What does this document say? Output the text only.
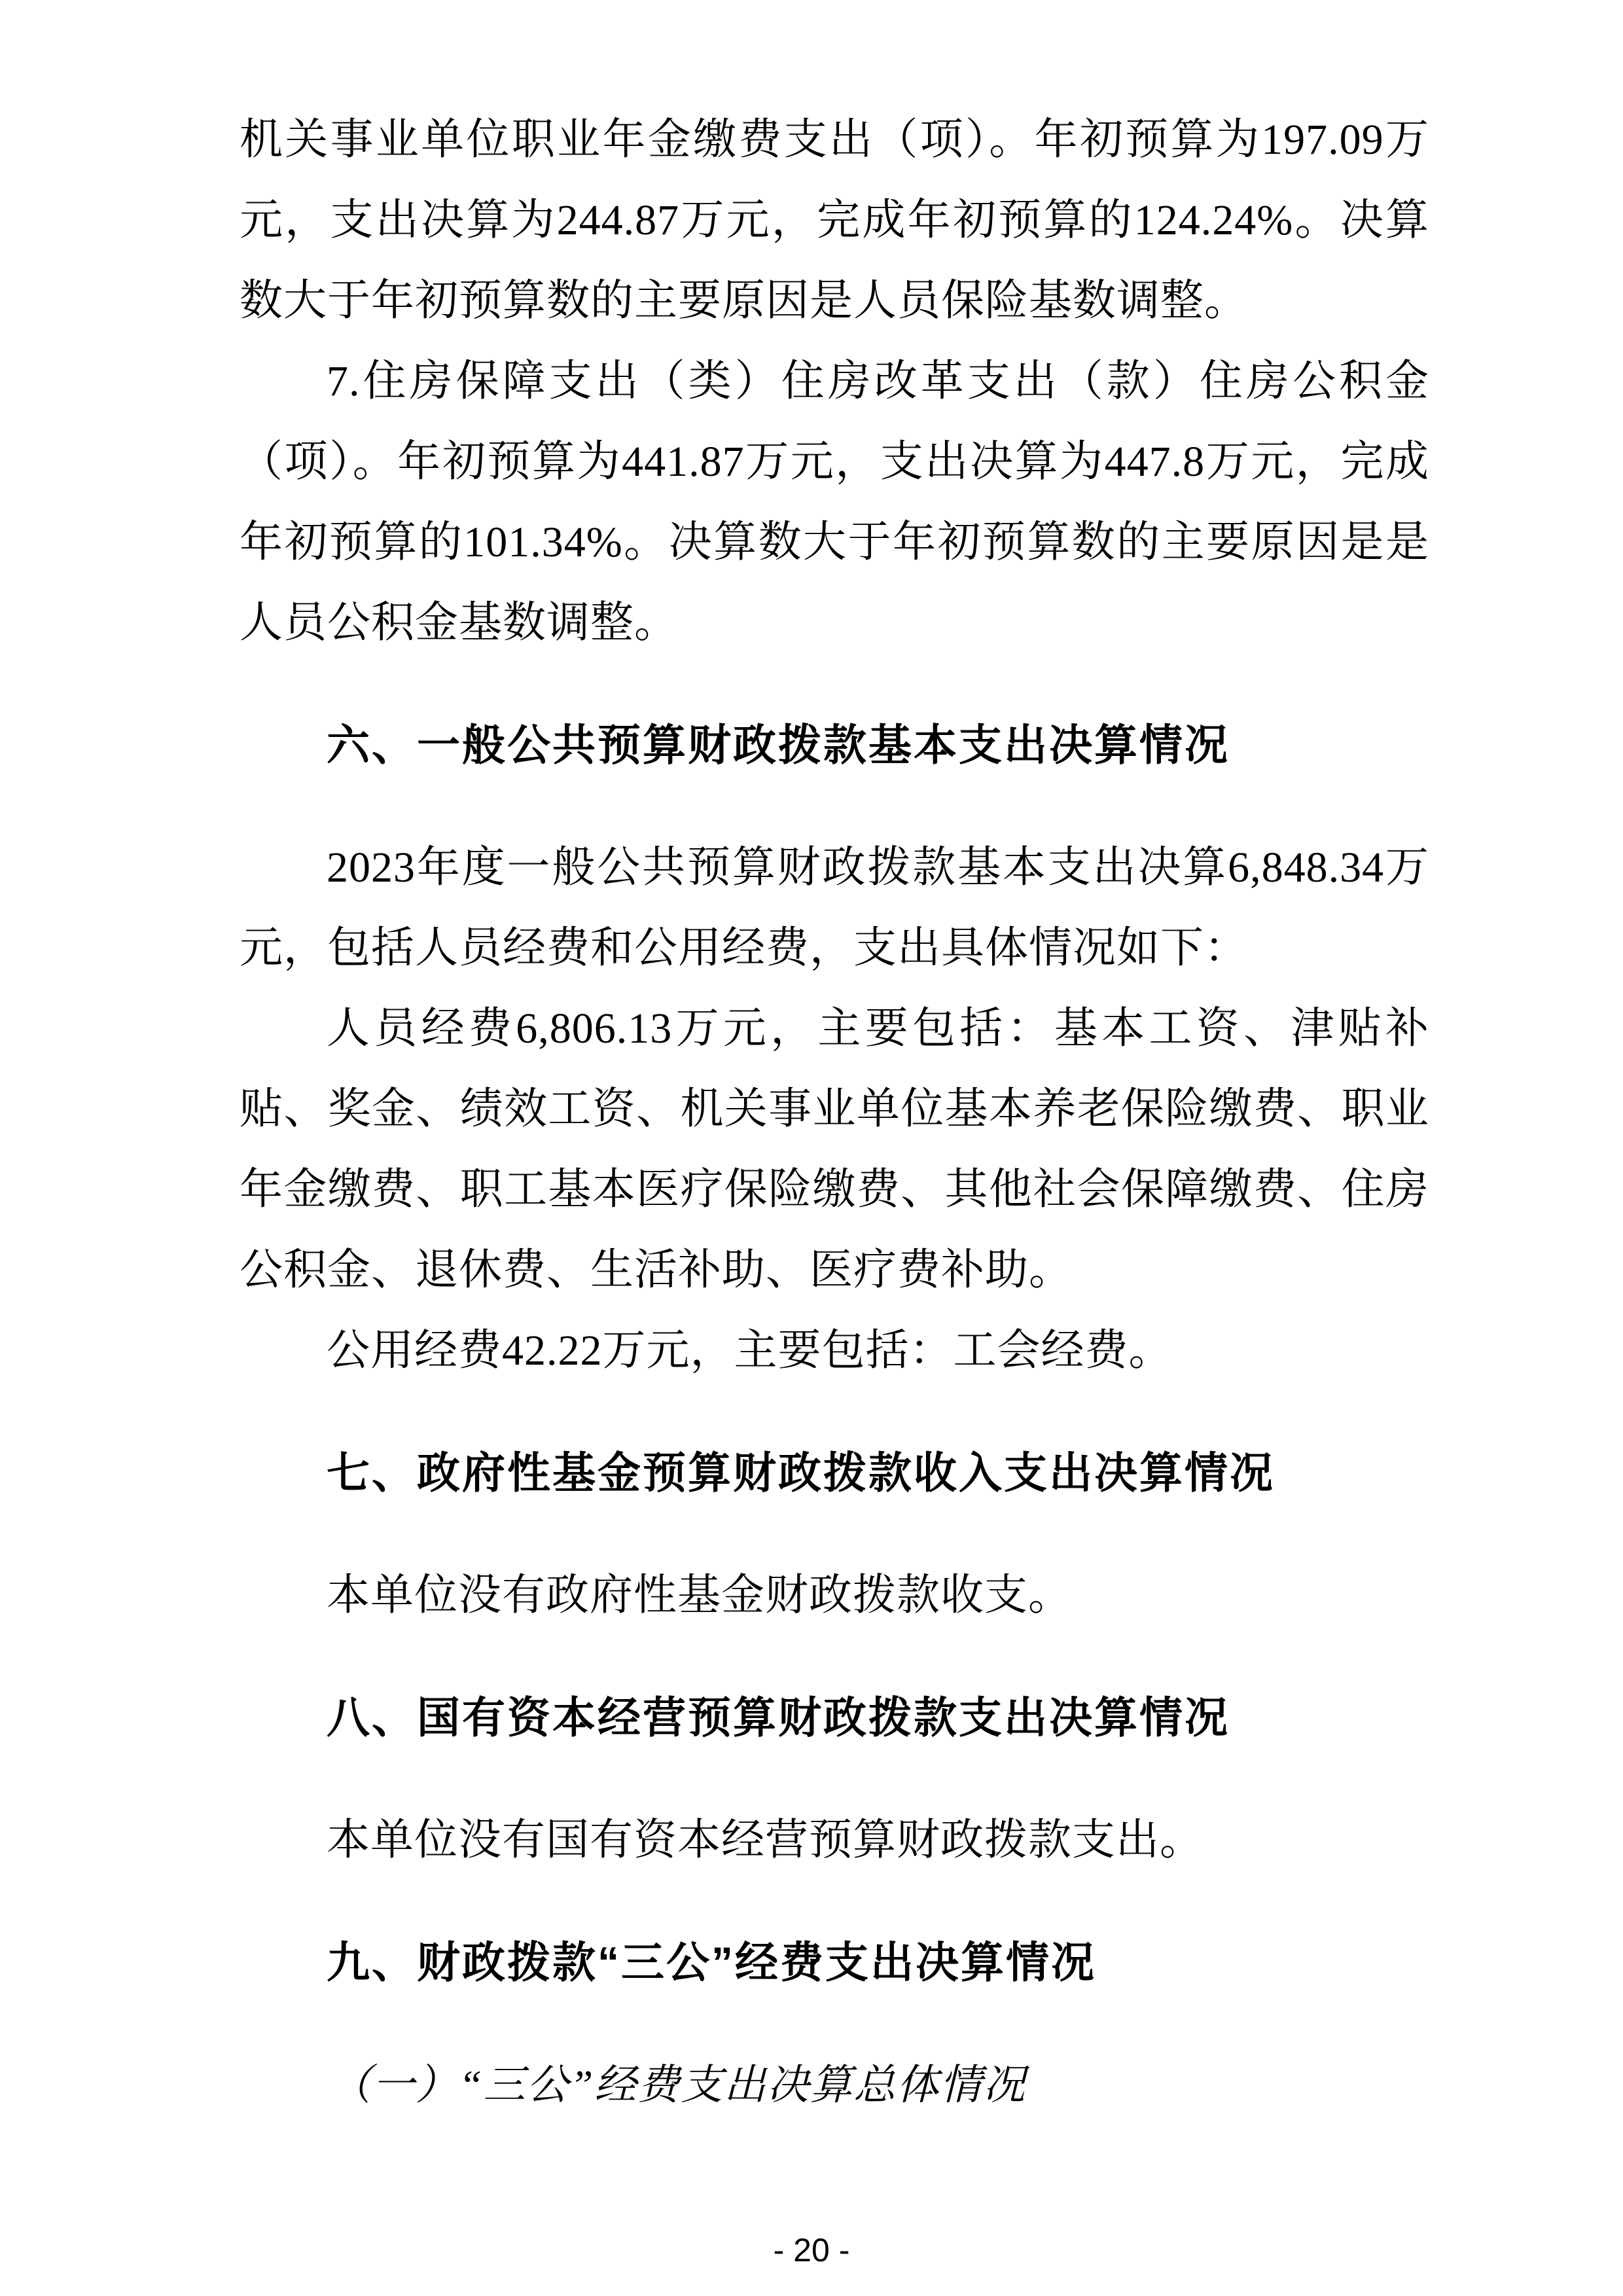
机关事业单位职业年金缴费支出（项）。年初预算为197.09万元，支出决算为244.87万元，完成年初预算的124.24%。决算数大于年初预算数的主要原因是人员保险基数调整。

7.住房保障支出（类）住房改革支出（款）住房公积金（项）。年初预算为441.87万元，支出决算为447.8万元，完成年初预算的101.34%。决算数大于年初预算数的主要原因是是人员公积金基数调整。

六、一般公共预算财政拨款基本支出决算情况

2023年度一般公共预算财政拨款基本支出决算6,848.34万元，包括人员经费和公用经费，支出具体情况如下：

人员经费6,806.13万元，主要包括：基本工资、津贴补贴、奖金、绩效工资、机关事业单位基本养老保险缴费、职业年金缴费、职工基本医疗保险缴费、其他社会保障缴费、住房公积金、退休费、生活补助、医疗费补助。

公用经费42.22万元，主要包括：工会经费。

七、政府性基金预算财政拨款收入支出决算情况

本单位没有政府性基金财政拨款收支。

八、国有资本经营预算财政拨款支出决算情况

本单位没有国有资本经营预算财政拨款支出。

九、财政拨款“三公”经费支出决算情况

（一）“三公”经费支出决算总体情况

- 20 -
